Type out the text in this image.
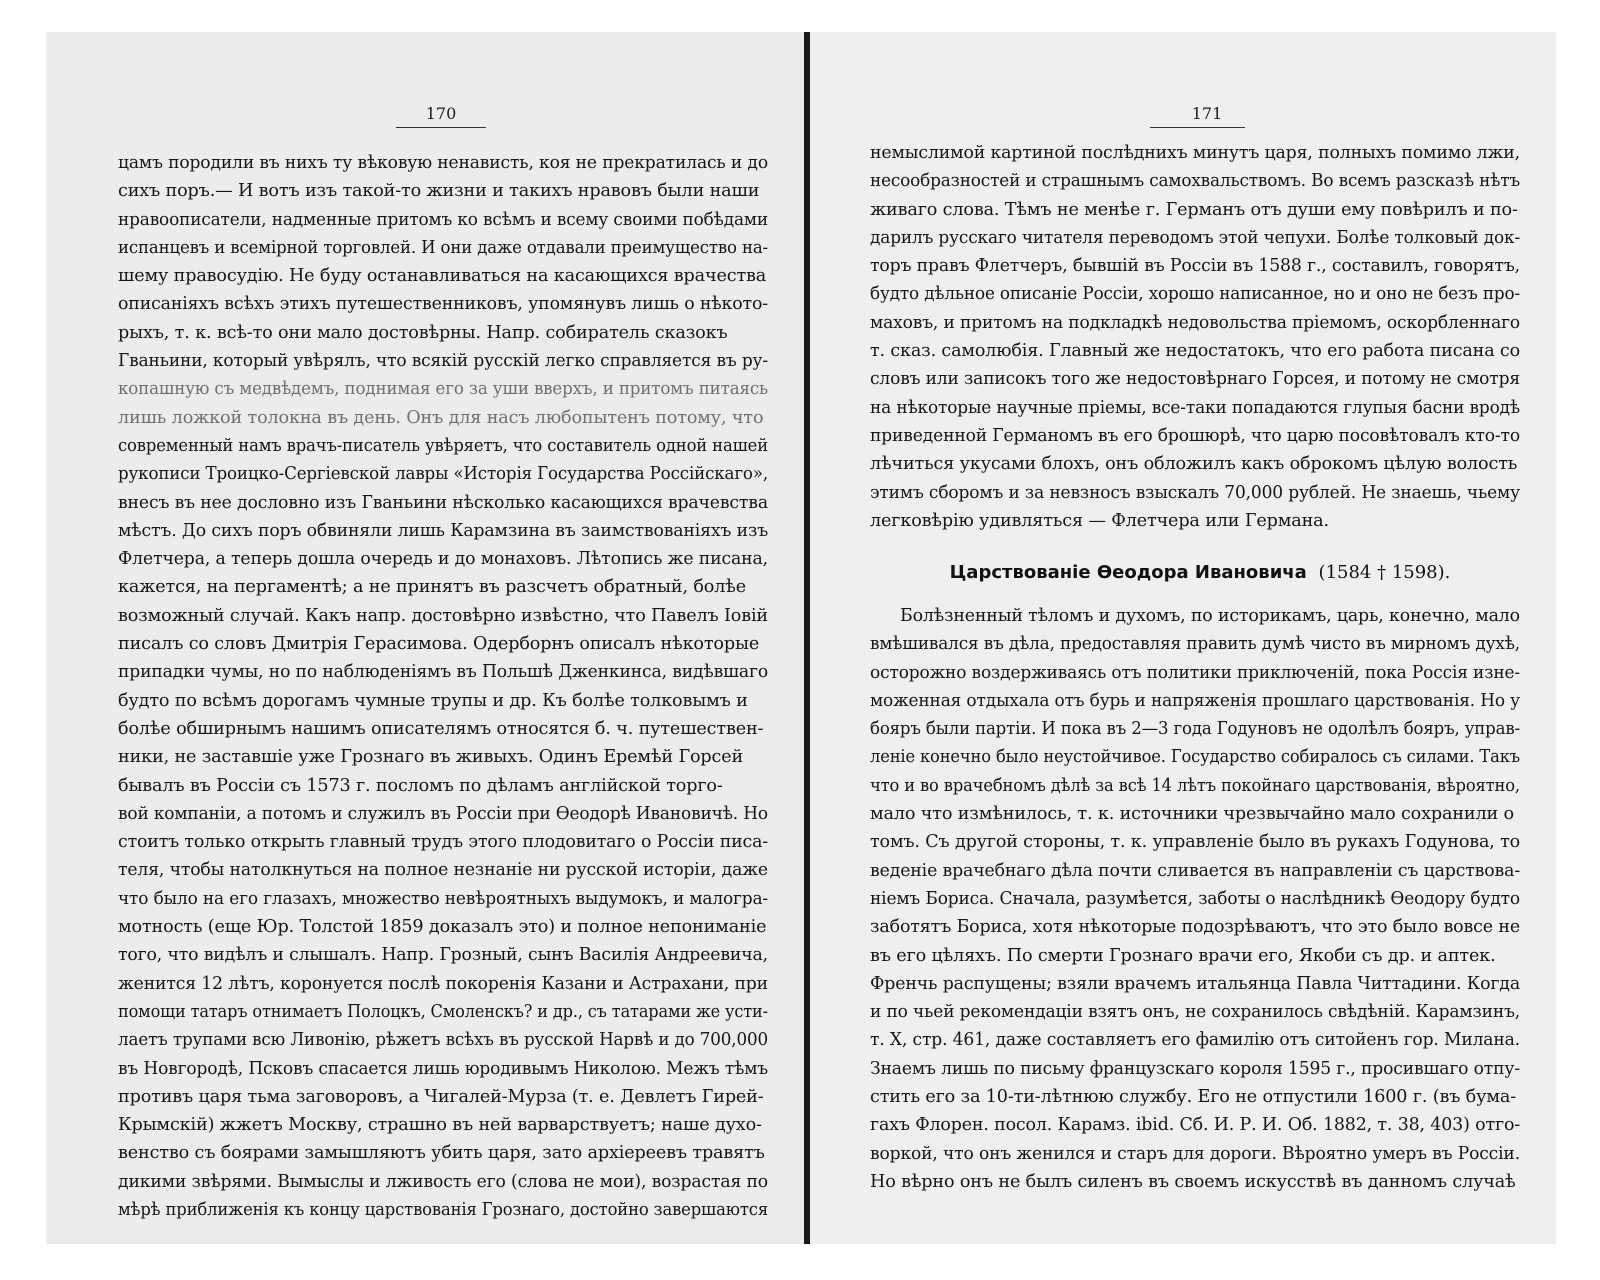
170
цамъ породили въ нихъ ту вѣковую ненависть, коя не прекратилась и до
сихъ поръ.— И вотъ изъ такой-то жизни и такихъ нравовъ были наши
нравоописатели, надменные притомъ ко всѣмъ и всему своими побѣдами
испанцевъ и всемірной торговлей. И они даже отдавали преимущество на-
шему правосудію. Не буду останавливаться на касающихся врачества
описаніяхъ всѣхъ этихъ путешественниковъ, упомянувъ лишь о нѣкото-
рыхъ, т. к. всѣ-то они мало достовѣрны. Напр. собиратель сказокъ
Гваньини, который увѣрялъ, что всякій русскій легко справляется въ ру-
копашную съ медвѣдемъ, поднимая его за уши вверхъ, и притомъ питаясь
лишь ложкой толокна въ день. Онъ для насъ любопытенъ потому, что
современный намъ врачъ-писатель увѣряетъ, что составитель одной нашей
рукописи Троицко-Сергіевской лавры «Исторія Государства Россійскаго»,
внесъ въ нее дословно изъ Гваньини нѣсколько касающихся врачевства
мѣстъ. До сихъ поръ обвиняли лишь Карамзина въ заимствованіяхъ изъ
Флетчера, а теперь дошла очередь и до монаховъ. Лѣтопись же писана,
кажется, на пергаментѣ; а не принятъ въ разсчетъ обратный, болѣе
возможный случай. Какъ напр. достовѣрно извѣстно, что Павелъ Іовій
писалъ со словъ Дмитрія Герасимова. Одерборнъ описалъ нѣкоторые
припадки чумы, но по наблюденіямъ въ Польшѣ Дженкинса, видѣвшаго
будто по всѣмъ дорогамъ чумные трупы и др. Къ болѣе толковымъ и
болѣе обширнымъ нашимъ описателямъ относятся б. ч. путешествен-
ники, не заставшіе уже Грознаго въ живыхъ. Одинъ Еремѣй Горсей
бывалъ въ Россіи съ 1573 г. посломъ по дѣламъ англійской торго-
вой компаніи, а потомъ и служилъ въ Россіи при Ѳеодорѣ Ивановичѣ. Но
стоитъ только открыть главный трудъ этого плодовитаго о Россіи писа-
теля, чтобы натолкнуться на полное незнаніе ни русской исторіи, даже
что было на его глазахъ, множество невѣроятныхъ выдумокъ, и малогра-
мотность (еще Юр. Толстой 1859 доказалъ это) и полное непониманіе
того, что видѣлъ и слышалъ. Напр. Грозный, сынъ Василія Андреевича,
женится 12 лѣтъ, коронуется послѣ покоренія Казани и Астрахани, при
помощи татаръ отнимаетъ Полоцкъ, Смоленскъ? и др., съ татарами же усти-
лаетъ трупами всю Ливонію, рѣжетъ всѣхъ въ русской Нарвѣ и до 700,000
въ Новгородѣ, Псковъ спасается лишь юродивымъ Николою. Межъ тѣмъ
противъ царя тьма заговоровъ, а Чигалей-Мурза (т. е. Девлетъ Гирей-
Крымскій) жжетъ Москву, страшно въ ней варварствуетъ; наше духо-
венство съ боярами замышляютъ убить царя, зато архіереевъ травятъ
дикими звѣрями. Вымыслы и лживость его (слова не мои), возрастая по
мѣрѣ приближенія къ концу царствованія Грознаго, достойно завершаются
171
немыслимой картиной послѣднихъ минутъ царя, полныхъ помимо лжи,
несообразностей и страшнымъ самохвальствомъ. Во всемъ разсказѣ нѣтъ
живаго слова. Тѣмъ не менѣе г. Германъ отъ души ему повѣрилъ и по-
дарилъ русскаго читателя переводомъ этой чепухи. Болѣе толковый док-
торъ правъ Флетчеръ, бывшій въ Россіи въ 1588 г., составилъ, говорятъ,
будто дѣльное описаніе Россіи, хорошо написанное, но и оно не безъ про-
маховъ, и притомъ на подкладкѣ недовольства пріемомъ, оскорбленнаго
т. сказ. самолюбія. Главный же недостатокъ, что его работа писана со
словъ или записокъ того же недостовѣрнаго Горсея, и потому не смотря
на нѣкоторые научные пріемы, все-таки попадаются глупыя басни вродѣ
приведенной Германомъ въ его брошюрѣ, что царю посовѣтовалъ кто-то
лѣчиться укусами блохъ, онъ обложилъ какъ оброкомъ цѣлую волость
этимъ сборомъ и за невзносъ взыскалъ 70,000 рублей. Не знаешь, чьему
легковѣрію удивляться — Флетчера или Германа.
Царствованіе Ѳеодора Ивановича (1584 † 1598).
Болѣзненный тѣломъ и духомъ, по историкамъ, царь, конечно, мало
вмѣшивался въ дѣла, предоставляя править думѣ чисто въ мирномъ духѣ,
осторожно воздерживаясь отъ политики приключеній, пока Россія изне-
моженная отдыхала отъ бурь и напряженія прошлаго царствованія. Но у
бояръ были партіи. И пока въ 2—3 года Годуновъ не одолѣлъ бояръ, управ-
леніе конечно было неустойчивое. Государство собиралось съ силами. Такъ
что и во врачебномъ дѣлѣ за всѣ 14 лѣтъ покойнаго царствованія, вѣроятно,
мало что измѣнилось, т. к. источники чрезвычайно мало сохранили о
томъ. Съ другой стороны, т. к. управленіе было въ рукахъ Годунова, то
веденіе врачебнаго дѣла почти сливается въ направленіи съ царствова-
ніемъ Бориса. Сначала, разумѣется, заботы о наслѣдникѣ Ѳеодору будто
заботятъ Бориса, хотя нѣкоторые подозрѣваютъ, что это было вовсе не
въ его цѣляхъ. По смерти Грознаго врачи его, Якоби съ др. и аптек.
Френчь распущены; взяли врачемъ итальянца Павла Читтадини. Когда
и по чьей рекомендаціи взятъ онъ, не сохранилось свѣдѣній. Карамзинъ,
т. X, стр. 461, даже составляетъ его фамилію отъ ситойенъ гор. Милана.
Знаемъ лишь по письму французскаго короля 1595 г., просившаго отпу-
стить его за 10-ти-лѣтнюю службу. Его не отпустили 1600 г. (въ бума-
гахъ Флорен. посол. Карамз. ibid. Сб. И. Р. И. Об. 1882, т. 38, 403) отго-
воркой, что онъ женился и старъ для дороги. Вѣроятно умеръ въ Россіи.
Но вѣрно онъ не былъ силенъ въ своемъ искусствѣ въ данномъ случаѣ
